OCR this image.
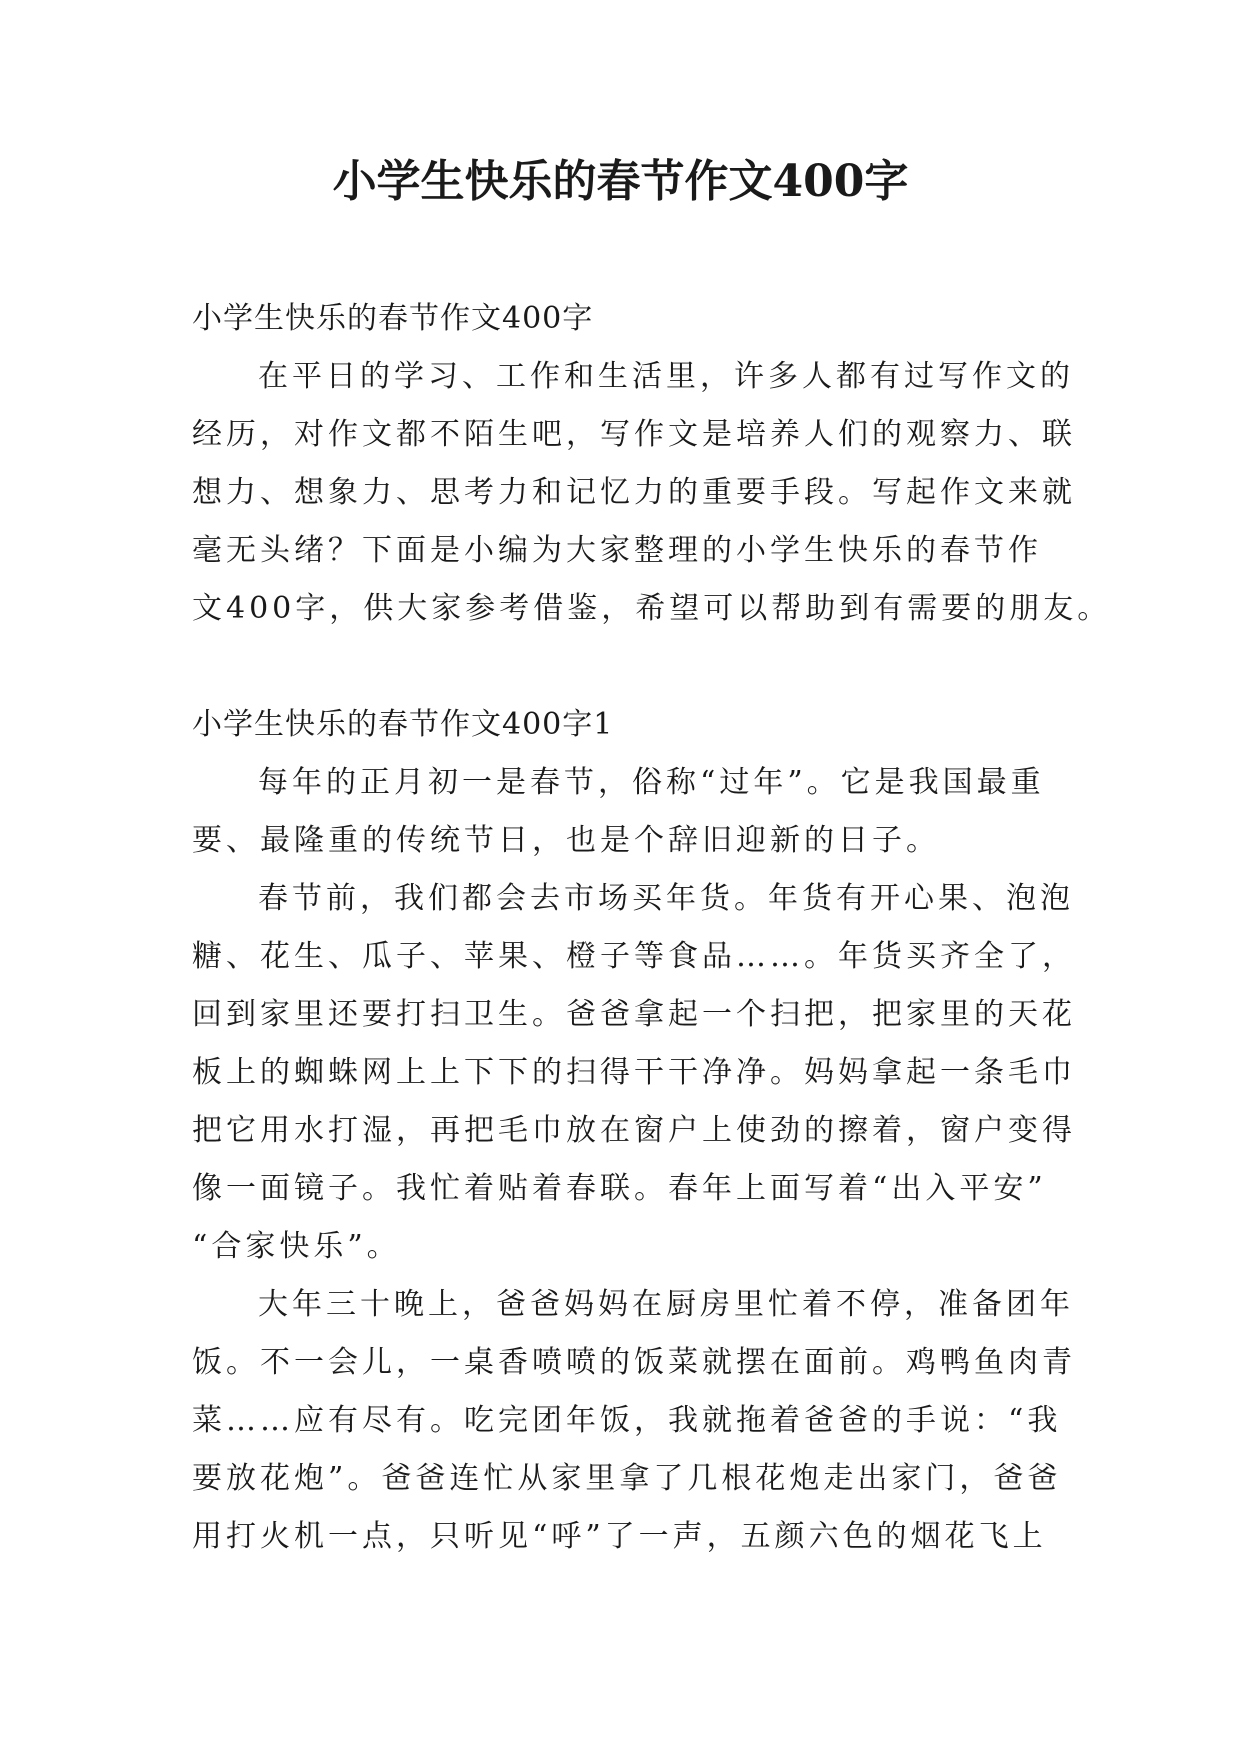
小学生快乐的春节作文400字

小学生快乐的春节作文400字

在平日的学习、工作和生活里，许多人都有过写作文的
经历，对作文都不陌生吧，写作文是培养人们的观察力、联
想力、想象力、思考力和记忆力的重要手段。写起作文来就
毫无头绪？下面是小编为大家整理的小学生快乐的春节作
文400字，供大家参考借鉴，希望可以帮助到有需要的朋友。

小学生快乐的春节作文400字1

每年的正月初一是春节，俗称“过年”。它是我国最重
要、最隆重的传统节日，也是个辞旧迎新的日子。

春节前，我们都会去市场买年货。年货有开心果、泡泡
糖、花生、瓜子、苹果、橙子等食品……。年货买齐全了，
回到家里还要打扫卫生。爸爸拿起一个扫把，把家里的天花
板上的蜘蛛网上上下下的扫得干干净净。妈妈拿起一条毛巾
把它用水打湿，再把毛巾放在窗户上使劲的擦着，窗户变得
像一面镜子。我忙着贴着春联。春年上面写着“出入平安”
“合家快乐”。

大年三十晚上，爸爸妈妈在厨房里忙着不停，准备团年
饭。不一会儿，一桌香喷喷的饭菜就摆在面前。鸡鸭鱼肉青
菜……应有尽有。吃完团年饭，我就拖着爸爸的手说：“我
要放花炮”。爸爸连忙从家里拿了几根花炮走出家门，爸爸
用打火机一点，只听见“呼”了一声，五颜六色的烟花飞上
